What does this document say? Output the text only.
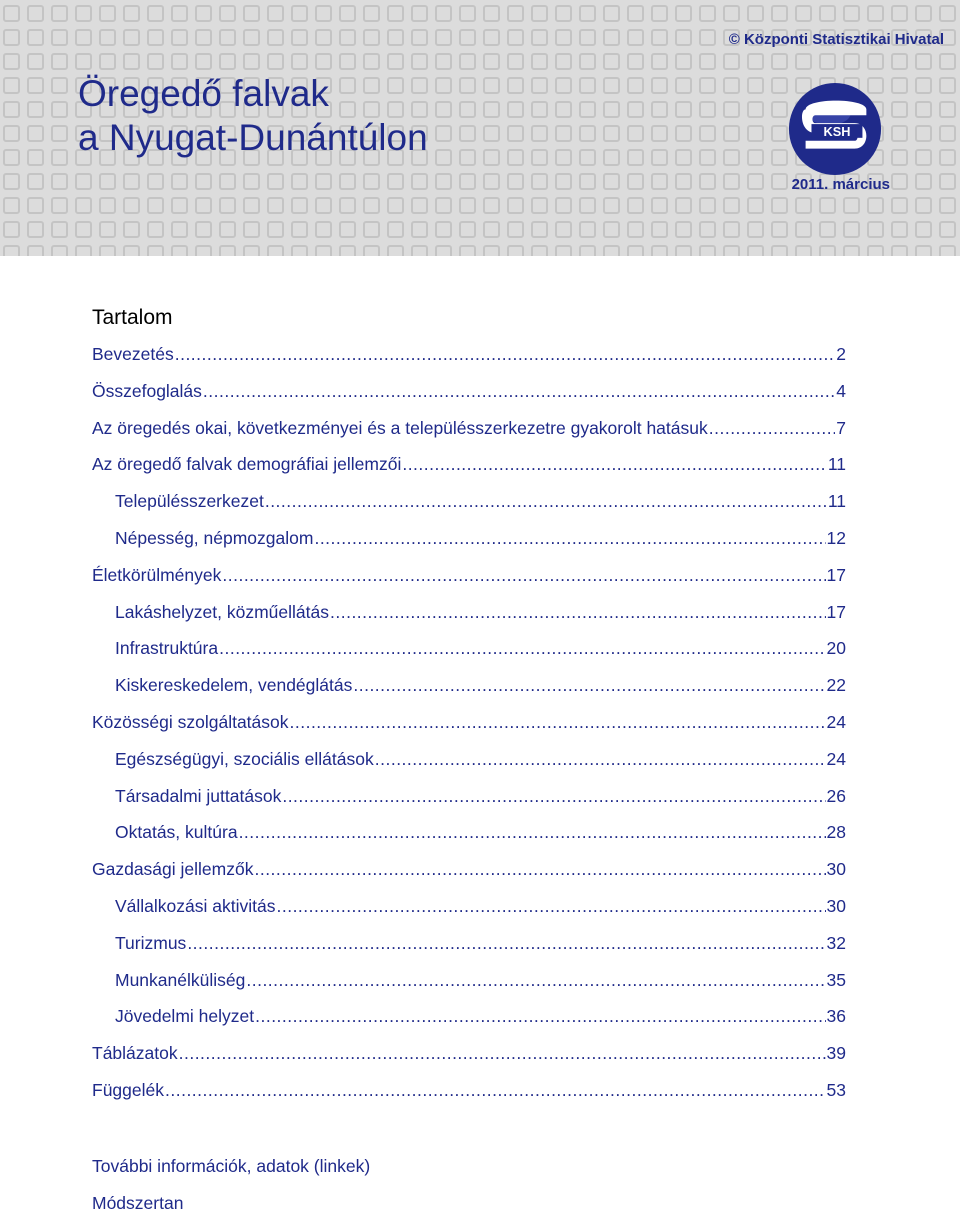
Öregedő falvak
a Nyugat-Dunántúlon
© Központi Statisztikai Hivatal
KSH
2011. március
Tartalom
Bevezetés .....	2
Összefoglalás .....	4
Az öregedés okai, következményei és a településszerkezetre gyakorolt hatásuk .....	7
Az öregedő falvak demográfiai jellemzői .....	11
Településszerkezet .....	11
Népesség, népmozgalom .....	12
Életkörülmények .....	17
Lakáshelyzet, közműellátás .....	17
Infrastruktúra .....	20
Kiskereskedelem, vendéglátás .....	22
Közösségi szolgáltatások .....	24
Egészségügyi, szociális ellátások .....	24
Társadalmi juttatások .....	26
Oktatás, kultúra .....	28
Gazdasági jellemzők .....	30
Vállalkozási aktivitás .....	30
Turizmus .....	32
Munkanélküliség .....	35
Jövedelmi helyzet .....	36
Táblázatok .....	39
Függelék .....	53
További információk, adatok (linkek)
Módszertan
